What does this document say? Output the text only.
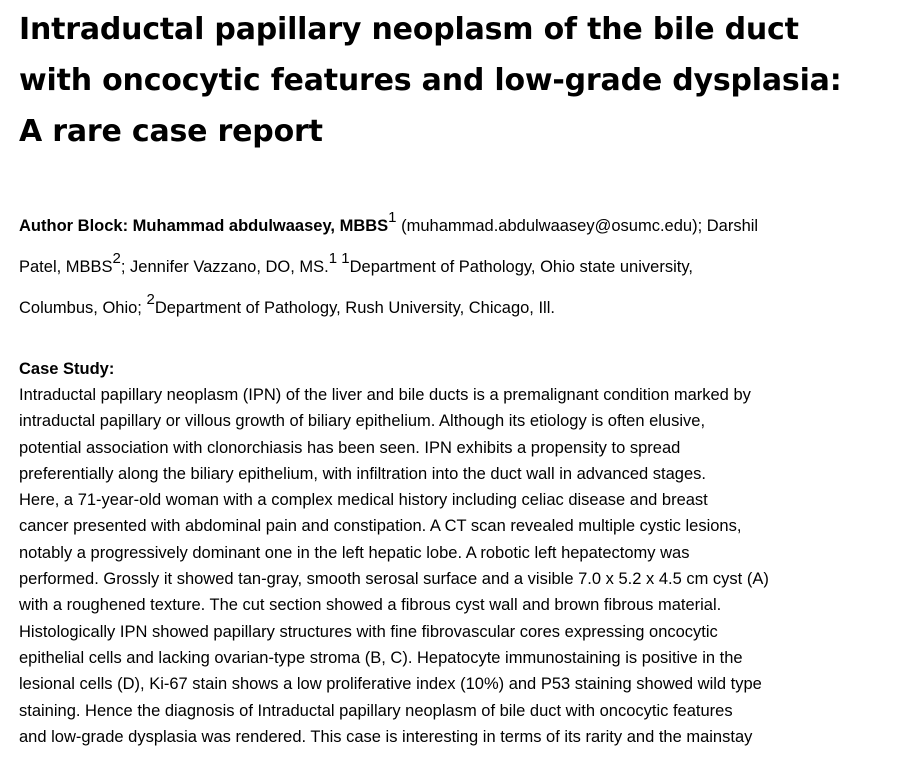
Intraductal papillary neoplasm of the bile duct
with oncocytic features and low-grade dysplasia:
A rare case report
Author Block: Muhammad abdulwaasey, MBBS$^1$ (muhammad.abdulwaasey@osumc.edu); Darshil
Patel, MBBS$^2$; Jennifer Vazzano, DO, MS.$^{1 1}$Department of Pathology, Ohio state university,
Columbus, Ohio; $^2$Department of Pathology, Rush University, Chicago, Ill.
Case Study:
Intraductal papillary neoplasm (IPN) of the liver and bile ducts is a premalignant condition marked by
intraductal papillary or villous growth of biliary epithelium. Although its etiology is often elusive,
potential association with clonorchiasis has been seen. IPN exhibits a propensity to spread
preferentially along the biliary epithelium, with infiltration into the duct wall in advanced stages.
Here, a 71-year-old woman with a complex medical history including celiac disease and breast
cancer presented with abdominal pain and constipation. A CT scan revealed multiple cystic lesions,
notably a progressively dominant one in the left hepatic lobe. A robotic left hepatectomy was
performed. Grossly it showed tan-gray, smooth serosal surface and a visible 7.0 x 5.2 x 4.5 cm cyst (A)
with a roughened texture. The cut section showed a fibrous cyst wall and brown fibrous material.
Histologically IPN showed papillary structures with fine fibrovascular cores expressing oncocytic
epithelial cells and lacking ovarian-type stroma (B, C). Hepatocyte immunostaining is positive in the
lesional cells (D), Ki-67 stain shows a low proliferative index (10%) and P53 staining showed wild type
staining. Hence the diagnosis of Intraductal papillary neoplasm of bile duct with oncocytic features
and low-grade dysplasia was rendered. This case is interesting in terms of its rarity and the mainstay
